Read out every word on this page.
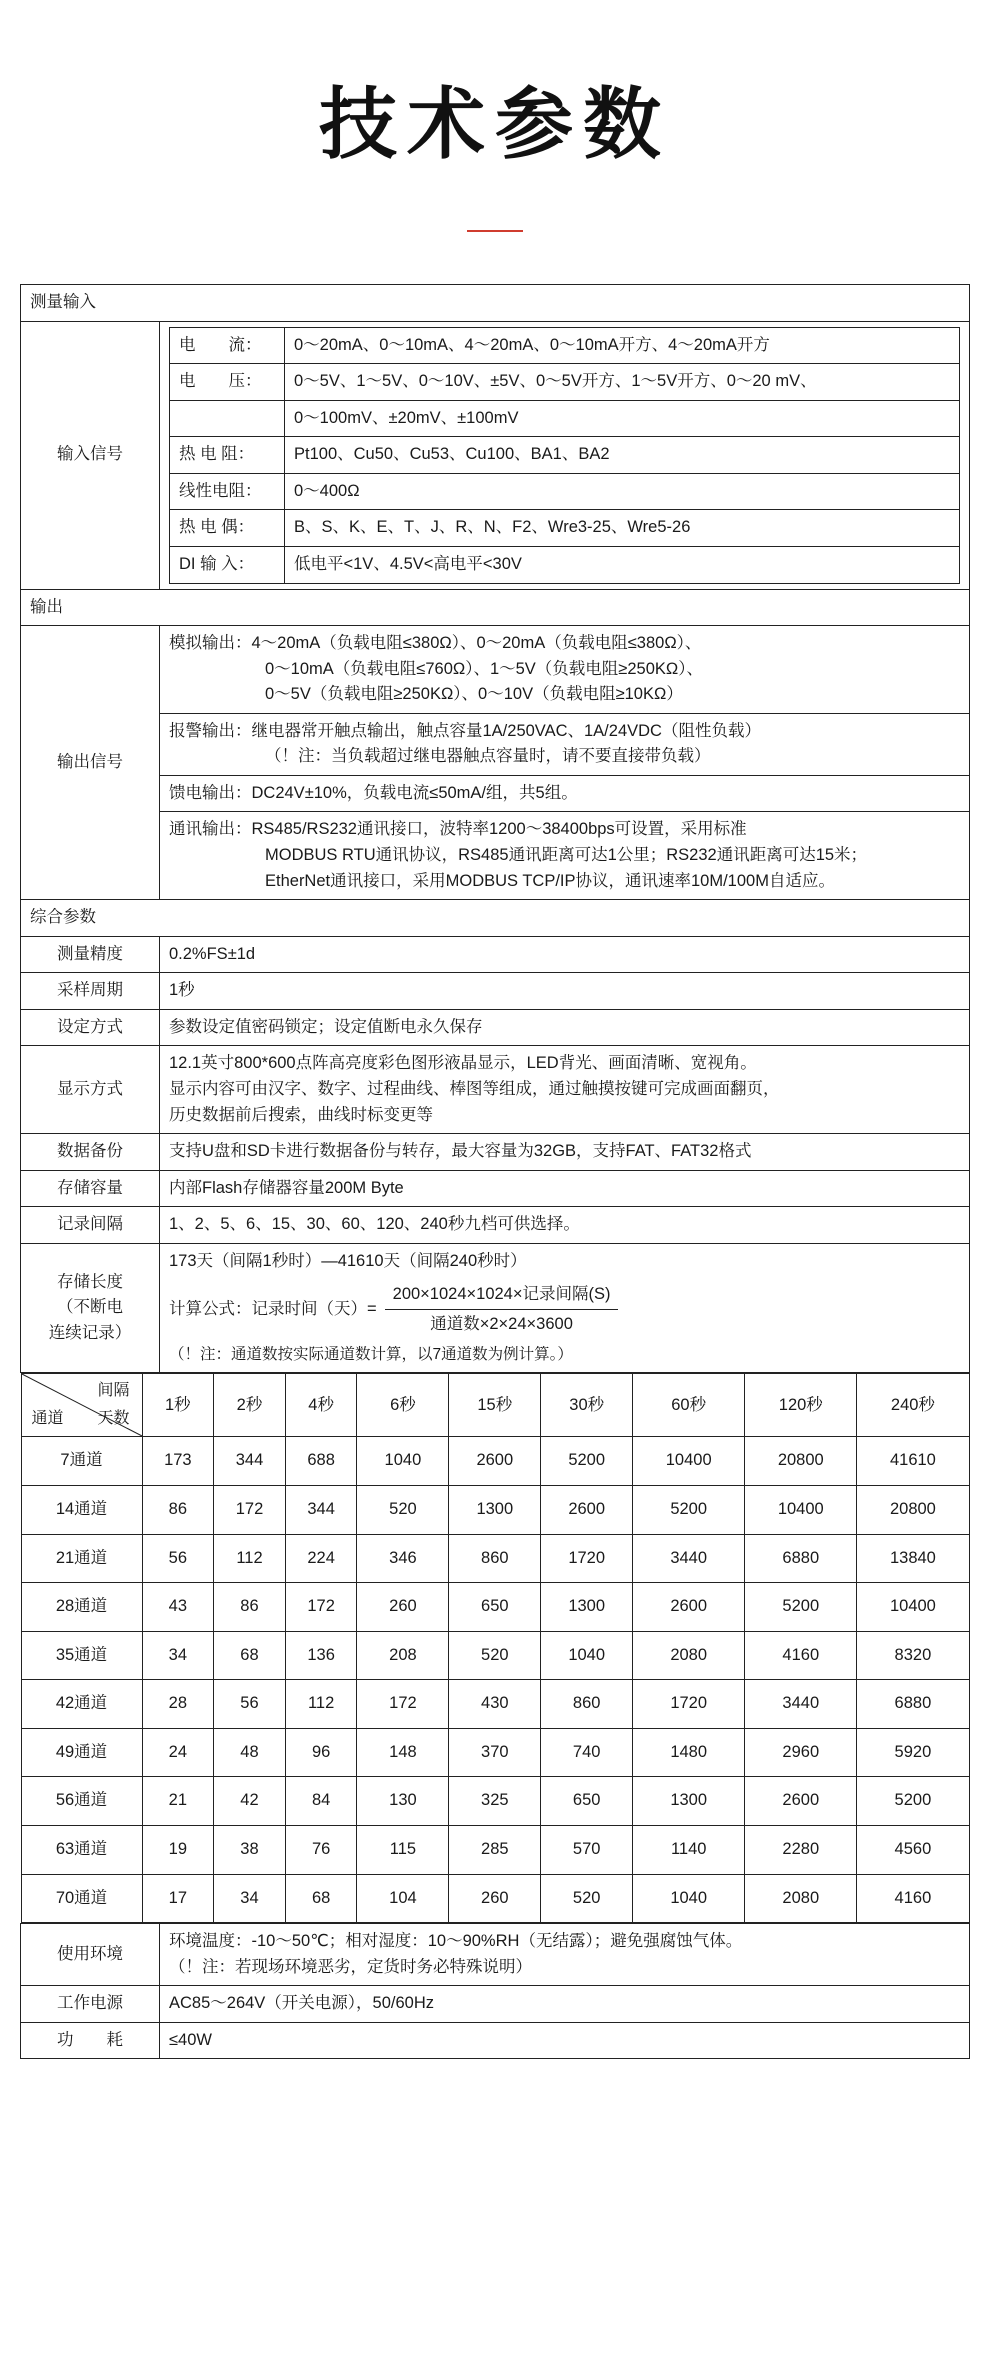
技术参数
测量输入
输入信号	
电　　流：	0～20mA、0～10mA、4～20mA、0～10mA开方、4～20mA开方
电　　压：	0～5V、1～5V、0～10V、±5V、0～5V开方、1～5V开方、0～20 mV、
	0～100mV、±20mV、±100mV
热 电 阻：	Pt100、Cu50、Cu53、Cu100、BA1、BA2
线性电阻：	0～400Ω
热 电 偶：	B、S、K、E、T、J、R、N、F2、Wre3-25、Wre5-26
DI 输 入：	低电平<1V、4.5V<高电平<30V

输出
输出信号	
模拟输出：4～20mA（负载电阻≤380Ω）、0～20mA（负载电阻≤380Ω）、
0～10mA（负载电阻≤760Ω）、1～5V（负载电阻≥250KΩ）、
0～5V（负载电阻≥250KΩ）、0～10V（负载电阻≥10KΩ）

报警输出：继电器常开触点输出，触点容量1A/250VAC、1A/24VDC（阻性负载）
（！注：当负载超过继电器触点容量时，请不要直接带负载）

馈电输出：DC24V±10%，负载电流≤50mA/组，共5组。

通讯输出：RS485/RS232通讯接口，波特率1200～38400bps可设置，采用标准
MODBUS RTU通讯协议，RS485通讯距离可达1公里；RS232通讯距离可达15米；
EtherNet通讯接口，采用MODBUS TCP/IP协议，通讯速率10M/100M自适应。

综合参数
测量精度	0.2%FS±1d
采样周期	1秒
设定方式	参数设定值密码锁定；设定值断电永久保存
显示方式	
12.1英寸800*600点阵高亮度彩色图形液晶显示，LED背光、画面清晰、宽视角。
显示内容可由汉字、数字、过程曲线、棒图等组成，通过触摸按键可完成画面翻页，
历史数据前后搜索，曲线时标变更等

数据备份	支持U盘和SD卡进行数据备份与转存，最大容量为32GB，支持FAT、FAT32格式
存储容量	内部Flash存储器容量200M Byte
记录间隔	1、2、5、6、15、30、60、120、240秒九档可供选择。

存储长度
（不断电
连续记录）

173天（间隔1秒时）—41610天（间隔240秒时）
计算公式：记录时间（天）= $\frac{\text{200×1024×1024×记录间隔(S)}}{\text{通道数×2×24×3600}}$
（！注：通道数按实际通道数计算，以7通道数为例计算。）

间隔
通道 天数
	1秒	2秒	4秒	6秒	15秒	30秒	60秒	120秒	240秒
7通道	173	344	688	1040	2600	5200	10400	20800	41610
14通道	86	172	344	520	1300	2600	5200	10400	20800
21通道	56	112	224	346	860	1720	3440	6880	13840
28通道	43	86	172	260	650	1300	2600	5200	10400
35通道	34	68	136	208	520	1040	2080	4160	8320
42通道	28	56	112	172	430	860	1720	3440	6880
49通道	24	48	96	148	370	740	1480	2960	5920
56通道	21	42	84	130	325	650	1300	2600	5200
63通道	19	38	76	115	285	570	1140	2280	4560
70通道	17	34	68	104	260	520	1040	2080	4160

使用环境	
环境温度：-10～50℃；相对湿度：10～90%RH（无结露）；避免强腐蚀气体。
（！注：若现场环境恶劣，定货时务必特殊说明）

工作电源	AC85～264V（开关电源），50/60Hz
功　　耗	≤40W
